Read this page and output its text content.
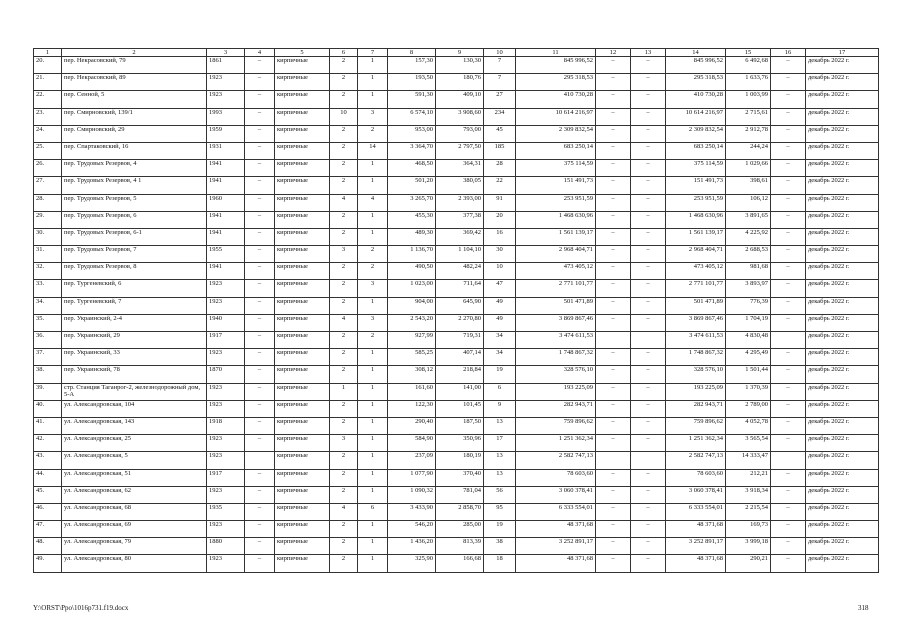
1	2	3	4	5	6	7	8	9	10	11	12	13	14	15	16	17
20.	пер. Некрасовский, 79	1861	–	кирпичные	2	1	157,30	130,30	7	845 996,52	–	–	845 996,52	6 492,68	–	декабрь 2022 г.
21.	пер. Некрасовский, 89	1923	–	кирпичные	2	1	193,50	180,76	7	295 318,53	–	–	295 318,53	1 633,76	–	декабрь 2022 г.
22.	пер. Сенной, 5	1923	–	кирпичные	2	1	591,30	409,10	27	410 730,28	–	–	410 730,28	1 003,99	–	декабрь 2022 г.
23.	пер. Смирновский, 139/1	1993	–	кирпичные	10	3	6 574,10	3 908,60	234	10 614 216,97	–	–	10 614 216,97	2 715,61	–	декабрь 2022 г.
24.	пер. Смирновский, 29	1959	–	кирпичные	2	2	953,00	793,00	45	2 309 832,54	–	–	2 309 832,54	2 912,78	–	декабрь 2022 г.
25.	пер. Спартаковский, 16	1931	–	кирпичные	2	14	3 364,70	2 797,50	185	683 250,14	–	–	683 250,14	244,24	–	декабрь 2022 г.
26.	пер. Трудовых Резервов, 4	1941	–	кирпичные	2	1	468,50	364,31	28	375 114,59	–	–	375 114,59	1 029,66	–	декабрь 2022 г.
27.	пер. Трудовых Резервов, 4 1	1941	–	кирпичные	2	1	501,20	380,05	22	151 491,73	–	–	151 491,73	398,61	–	декабрь 2022 г.
28.	пер. Трудовых Резервов, 5	1960	–	кирпичные	4	4	3 265,70	2 393,00	91	253 951,59	–	–	253 951,59	106,12	–	декабрь 2022 г.
29.	пер. Трудовых Резервов, 6	1941	–	кирпичные	2	1	455,30	377,38	20	1 468 630,96	–	–	1 468 630,96	3 891,65	–	декабрь 2022 г.
30.	пер. Трудовых Резервов, 6-1	1941	–	кирпичные	2	1	489,30	369,42	16	1 561 139,17	–	–	1 561 139,17	4 225,92	–	декабрь 2022 г.
31.	пер. Трудовых Резервов, 7	1955	–	кирпичные	3	2	1 136,70	1 104,10	30	2 968 404,71	–	–	2 968 404,71	2 688,53	–	декабрь 2022 г.
32.	пер. Трудовых Резервов, 8	1941	–	кирпичные	2	2	490,50	482,24	10	473 405,12	–	–	473 405,12	981,68	–	декабрь 2022 г.
33.	пер. Тургеневский, 6	1923	–	кирпичные	2	3	1 023,00	711,64	47	2 771 101,77	–	–	2 771 101,77	3 893,97	–	декабрь 2022 г.
34.	пер. Тургеневский, 7	1923	–	кирпичные	2	1	904,00	645,90	49	501 471,89	–	–	501 471,89	776,39	–	декабрь 2022 г.
35.	пер. Украинский, 2-4	1940	–	кирпичные	4	3	2 543,20	2 270,80	49	3 869 867,46	–	–	3 869 867,46	1 704,19	–	декабрь 2022 г.
36.	пер. Украинский, 29	1917	–	кирпичные	2	2	927,99	719,31	34	3 474 611,53			3 474 611,53	4 830,48		декабрь 2022 г.
37.	пер. Украинский, 33	1923	–	кирпичные	2	1	585,25	407,14	34	1 748 867,32	–	–	1 748 867,32	4 295,49	–	декабрь 2022 г.
38.	пер. Украинский, 78	1870	–	кирпичные	2	1	308,12	218,84	19	328 576,10	–	–	328 576,10	1 501,44	–	декабрь 2022 г.
39.	стр. Станция Таганрог-2, железнодорожный дом, 5-А	1923	–	кирпичные	1	1	161,60	141,00	6	193 225,09	–	–	193 225,09	1 370,39	–	декабрь 2022 г.
40.	ул. Александровская, 104	1923	–	кирпичные	2	1	122,30	101,45	9	282 943,71	–	–	282 943,71	2 789,00	–	декабрь 2022 г.
41.	ул. Александровская, 143	1918	–	кирпичные	2	1	290,40	187,50	13	759 896,62	–	–	759 896,62	4 052,78	–	декабрь 2022 г.
42.	ул. Александровская, 25	1923	–	кирпичные	3	1	584,90	350,96	17	1 251 362,34	–	–	1 251 362,34	3 565,54	–	декабрь 2022 г.
43.	ул. Александровская, 5	1923		кирпичные	2	1	237,09	180,19	13	2 582 747,13			2 582 747,13	14 333,47		декабрь 2022 г.
44.	ул. Александровская, 51	1917	–	кирпичные	2	1	1 077,90	370,40	13	78 603,60	–	–	78 603,60	212,21	–	декабрь 2022 г.
45.	ул. Александровская, 62	1923	–	кирпичные	2	1	1 090,32	781,04	56	3 060 378,41	–	–	3 060 378,41	3 918,34	–	декабрь 2022 г.
46.	ул. Александровская, 68	1935	–	кирпичные	4	6	3 433,90	2 858,70	95	6 333 554,01	–	–	6 333 554,01	2 215,54	–	декабрь 2022 г.
47.	ул. Александровская, 69	1923	–	кирпичные	2	1	546,20	285,00	19	48 371,68	–	–	48 371,68	169,73	–	декабрь 2022 г.
48.	ул. Александровская, 79	1880	–	кирпичные	2	1	1 436,20	813,39	38	3 252 891,17	–	–	3 252 891,17	3 999,18	–	декабрь 2022 г.
49.	ул. Александровская, 80	1923	–	кирпичные	2	1	325,90	166,68	18	48 371,68	–	–	48 371,68	290,21	–	декабрь 2022 г.
Y:\ORST\Ppo\1016p731.f19.docx	318
